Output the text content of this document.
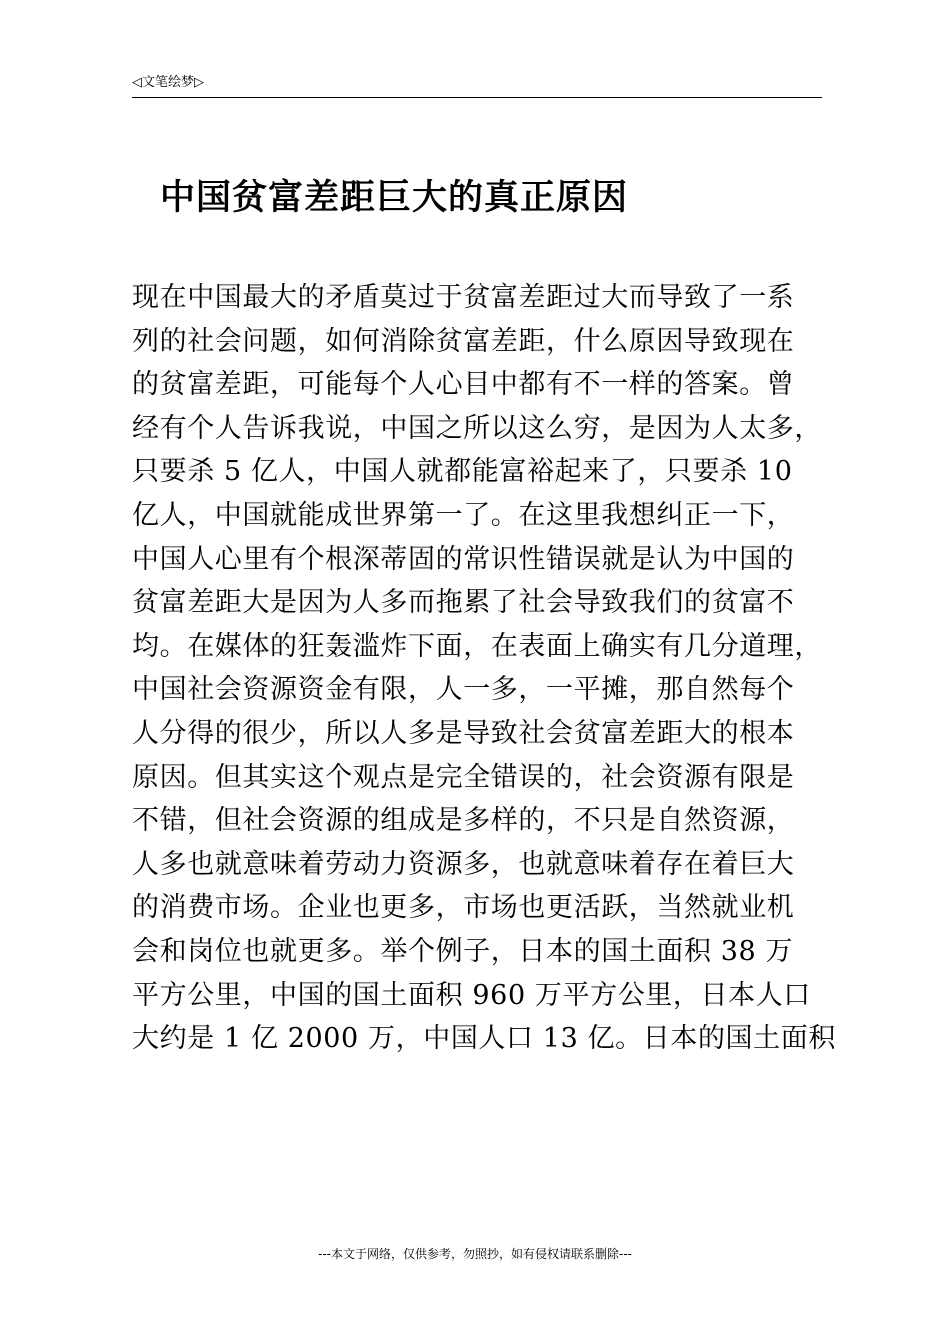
◁文笔绘梦▷
中国贫富差距巨大的真正原因
现在中国最大的矛盾莫过于贫富差距过大而导致了一系
列的社会问题，如何消除贫富差距，什么原因导致现在
的贫富差距，可能每个人心目中都有不一样的答案。曾
经有个人告诉我说，中国之所以这么穷，是因为人太多，
只要杀 5 亿人，中国人就都能富裕起来了，只要杀 10
亿人，中国就能成世界第一了。在这里我想纠正一下，
中国人心里有个根深蒂固的常识性错误就是认为中国的
贫富差距大是因为人多而拖累了社会导致我们的贫富不
均。在媒体的狂轰滥炸下面，在表面上确实有几分道理，
中国社会资源资金有限，人一多，一平摊，那自然每个
人分得的很少，所以人多是导致社会贫富差距大的根本
原因。但其实这个观点是完全错误的，社会资源有限是
不错，但社会资源的组成是多样的，不只是自然资源，
人多也就意味着劳动力资源多，也就意味着存在着巨大
的消费市场。企业也更多，市场也更活跃，当然就业机
会和岗位也就更多。举个例子，日本的国土面积 38 万
平方公里，中国的国土面积 960 万平方公里，日本人口
大约是 1 亿 2000 万，中国人口 13 亿。日本的国土面积
---本文于网络，仅供参考，勿照抄，如有侵权请联系删除---
